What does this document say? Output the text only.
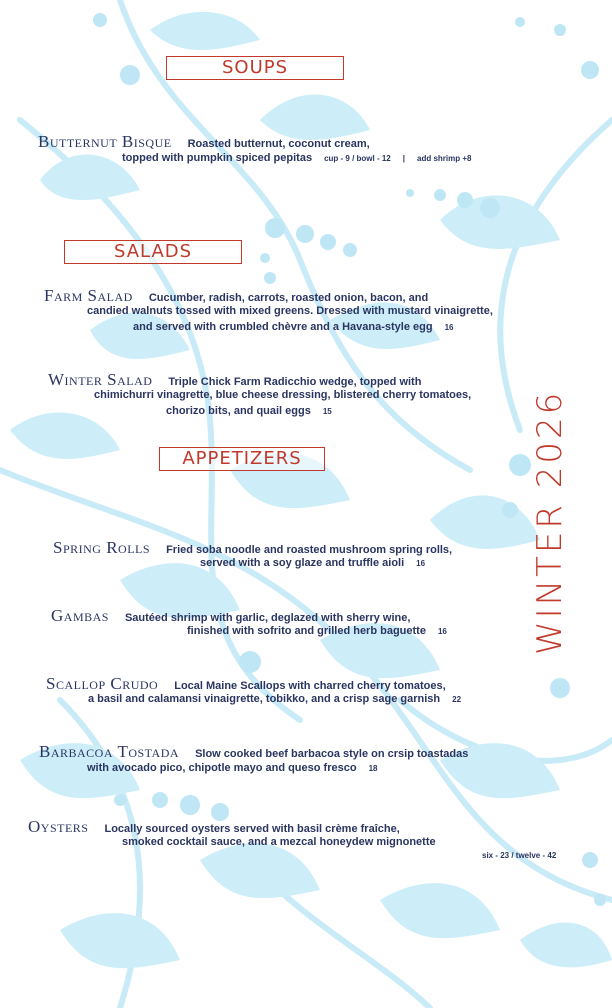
SOUPS
Butternut Bisque Roasted butternut, coconut cream,
topped with pumpkin spiced pepitas cup - 9 / bowl - 12 | add shrimp +8
SALADS
Farm Salad Cucumber, radish, carrots, roasted onion, bacon, and
candied walnuts tossed with mixed greens. Dressed with mustard vinaigrette,
and served with crumbled chèvre and a Havana-style egg 16
Winter Salad Triple Chick Farm Radicchio wedge, topped with
chimichurri vinagrette, blue cheese dressing, blistered cherry tomatoes,
chorizo bits, and quail eggs 15
APPETIZERS
Spring Rolls Fried soba noodle and roasted mushroom spring rolls,
served with a soy glaze and truffle aioli 16
Gambas Sautéed shrimp with garlic, deglazed with sherry wine,
finished with sofrito and grilled herb baguette 16
Scallop Crudo Local Maine Scallops with charred cherry tomatoes,
a basil and calamansi vinaigrette, tobikko, and a crisp sage garnish 22
Barbacoa Tostada Slow cooked beef barbacoa style on crsip toastadas
with avocado pico, chipotle mayo and queso fresco 18
Oysters Locally sourced oysters served with basil crème fraîche,
smoked cocktail sauce, and a mezcal honeydew mignonette
six - 23 / twelve - 42
WINTER 2026
